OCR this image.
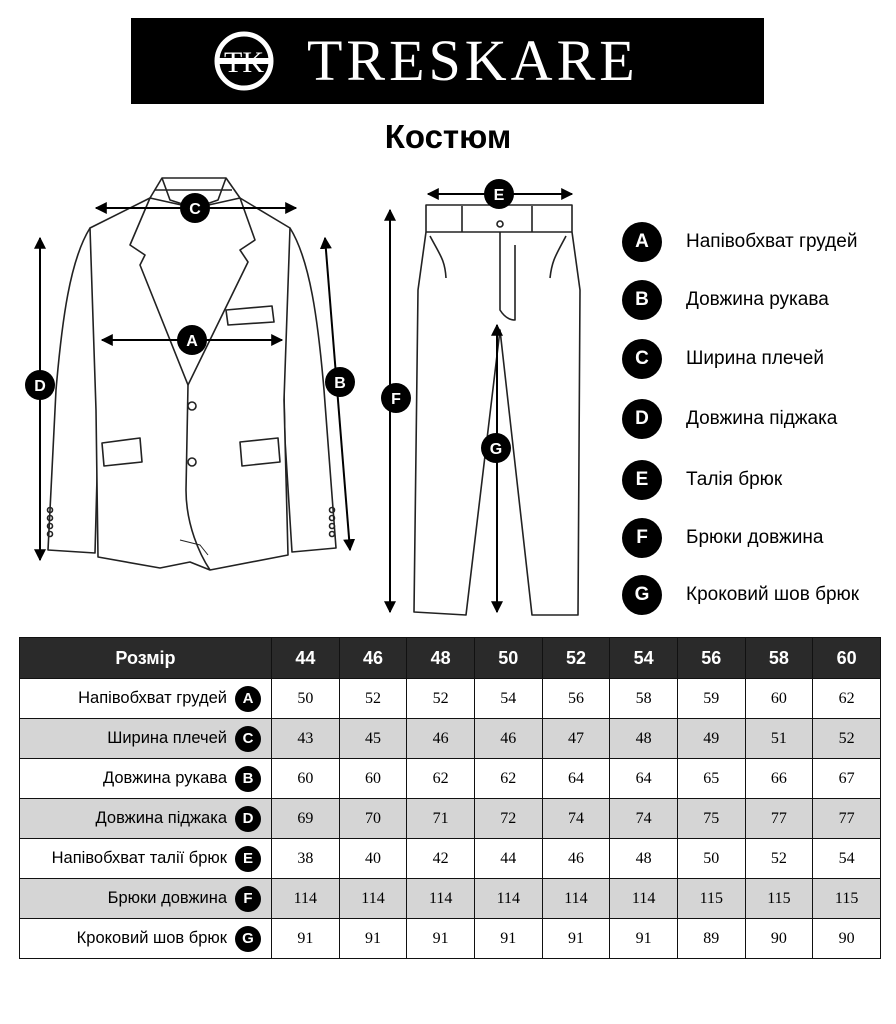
TK TRESKARE
Костюм
D	B
C
A
F
E
G
A	Напівобхват грудей
B	Довжина рукава
C	Ширина плечей
D	Довжина піджака
E	Талія брюк
F	Брюки довжина
G	Кроковий шов брюк
Розмір	44	46	48	50	52	54	56	58	60

Напівобхват грудей A	50	52	52	54	56	58	59	60	62

Ширина плечей C	43	45	46	46	47	48	49	51	52

Довжина рукава B	60	60	62	62	64	64	65	66	67

Довжина піджака D	69	70	71	72	74	74	75	77	77

Напівобхват талії брюк E	38	40	42	44	46	48	50	52	54

Брюки довжина F	114	114	114	114	114	114	115	115	115

Кроковий шов брюк G	91	91	91	91	91	91	89	90	90
